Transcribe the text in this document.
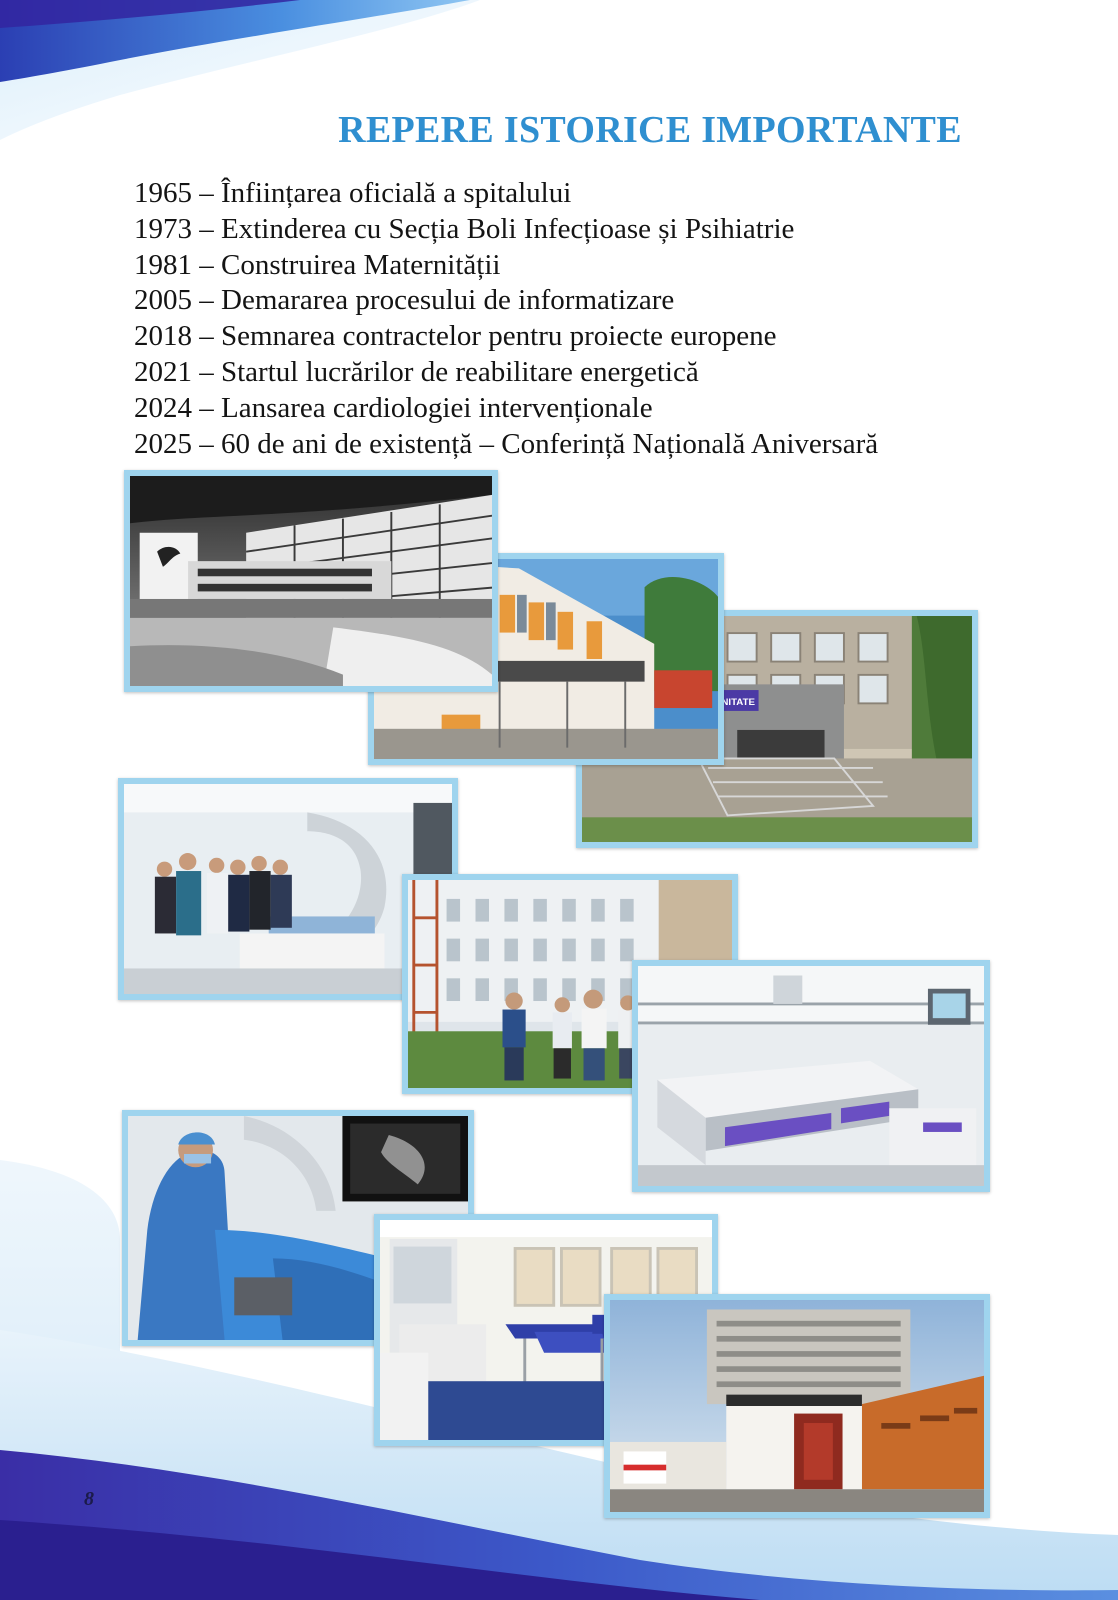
REPERE ISTORICE IMPORTANTE
1965 – Înființarea oficială a spitalului
1973 – Extinderea cu Secția Boli Infecțioase și Psihiatrie
1981 – Construirea Maternității
2005 – Demararea procesului de informatizare
2018 – Semnarea contractelor pentru proiecte europene
2021 – Startul lucrărilor de reabilitare energetică
2024 – Lansarea cardiologiei intervenționale
2025 – 60 de ani de existență – Conferință Națională Aniversară
NITATE
8
